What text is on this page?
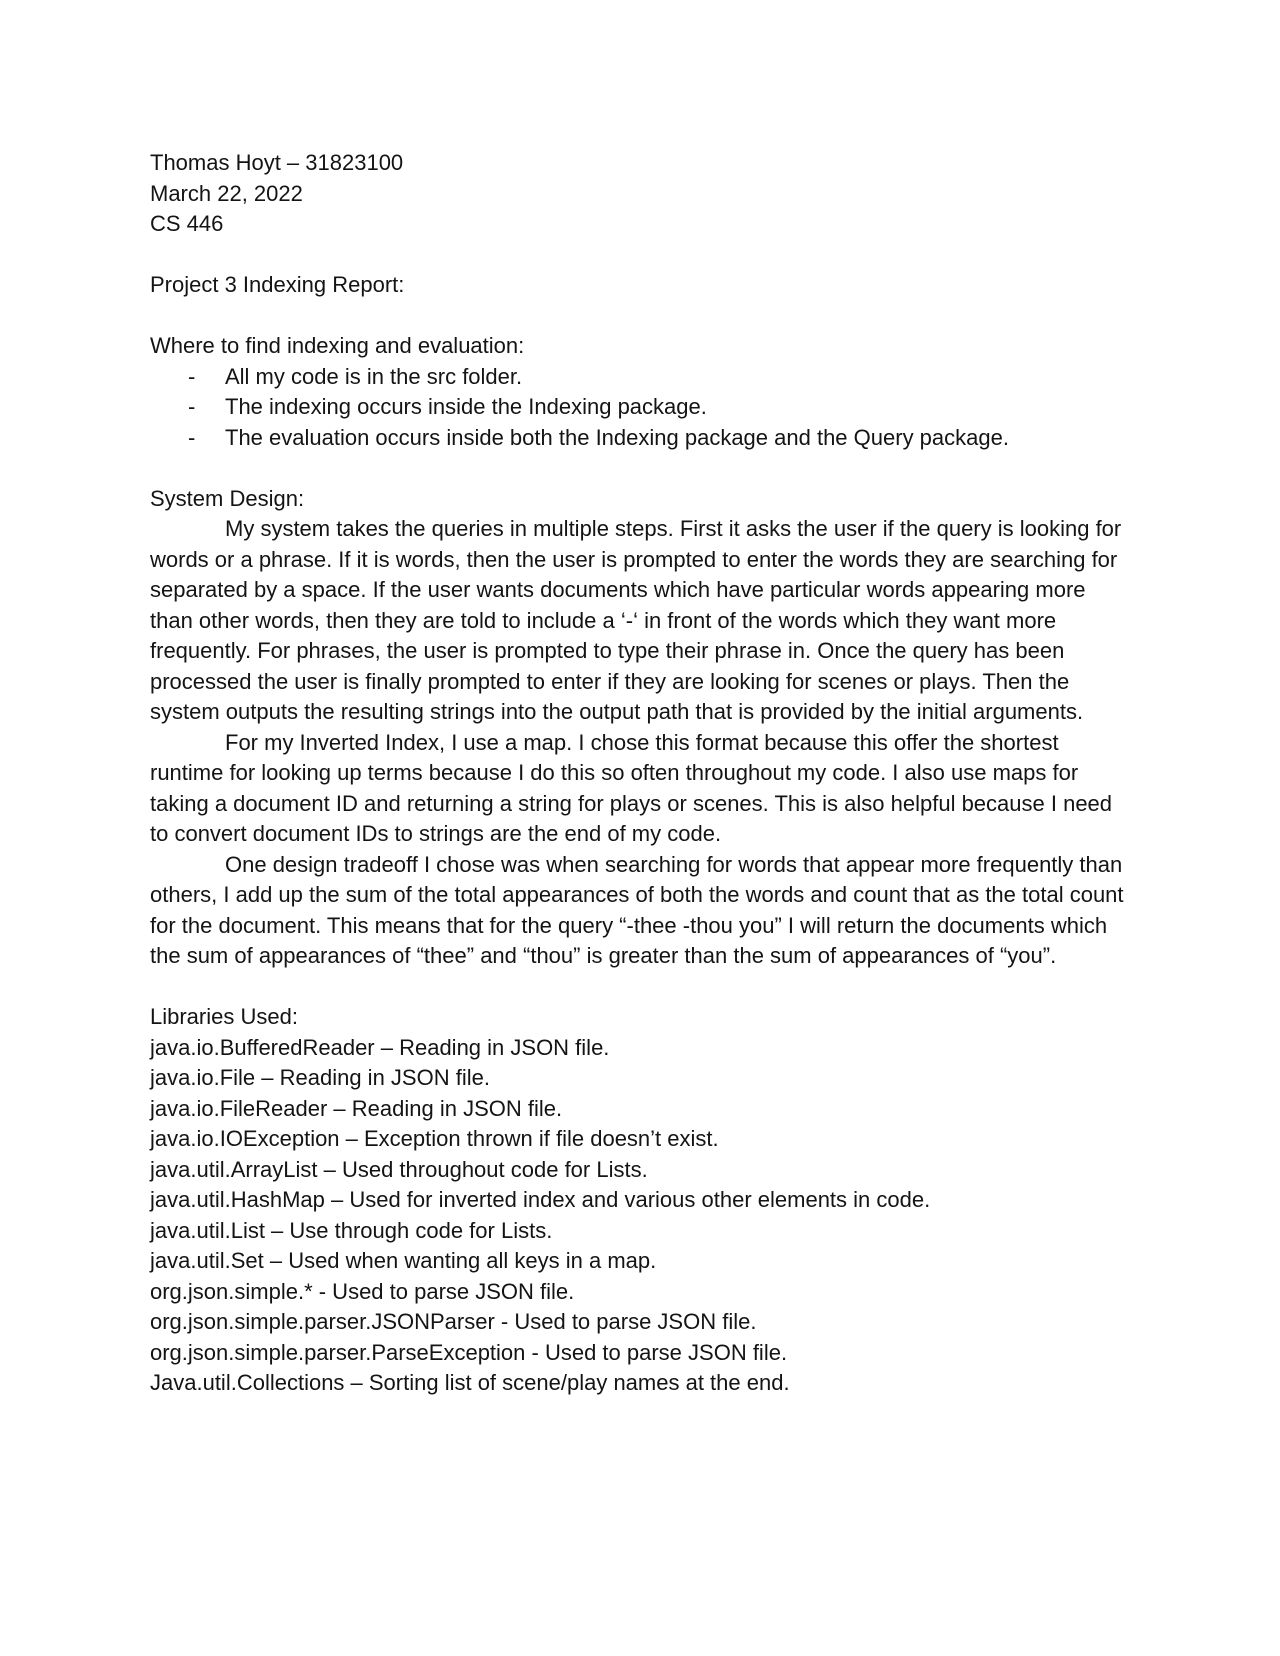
Thomas Hoyt – 31823100
March 22, 2022
CS 446
Project 3 Indexing Report:
Where to find indexing and evaluation:
- All my code is in the src folder.
- The indexing occurs inside the Indexing package.
- The evaluation occurs inside both the Indexing package and the Query package.
System Design:

My system takes the queries in multiple steps. First it asks the user if the query is looking for words or a phrase. If it is words, then the user is prompted to enter the words they are searching for separated by a space. If the user wants documents which have particular words appearing more than other words, then they are told to include a ‘-‘ in front of the words which they want more frequently. For phrases, the user is prompted to type their phrase in. Once the query has been processed the user is finally prompted to enter if they are looking for scenes or plays. Then the system outputs the resulting strings into the output path that is provided by the initial arguments.

For my Inverted Index, I use a map. I chose this format because this offer the shortest runtime for looking up terms because I do this so often throughout my code. I also use maps for taking a document ID and returning a string for plays or scenes. This is also helpful because I need to convert document IDs to strings are the end of my code.

One design tradeoff I chose was when searching for words that appear more frequently than others, I add up the sum of the total appearances of both the words and count that as the total count for the document. This means that for the query “-thee -thou you” I will return the documents which the sum of appearances of “thee” and “thou” is greater than the sum of appearances of “you”.

Libraries Used:
java.io.BufferedReader – Reading in JSON file.
java.io.File – Reading in JSON file.
java.io.FileReader – Reading in JSON file.
java.io.IOException – Exception thrown if file doesn’t exist.
java.util.ArrayList – Used throughout code for Lists.
java.util.HashMap – Used for inverted index and various other elements in code.
java.util.List – Use through code for Lists.
java.util.Set – Used when wanting all keys in a map.
org.json.simple.* - Used to parse JSON file.
org.json.simple.parser.JSONParser - Used to parse JSON file.
org.json.simple.parser.ParseException - Used to parse JSON file.
Java.util.Collections – Sorting list of scene/play names at the end.
